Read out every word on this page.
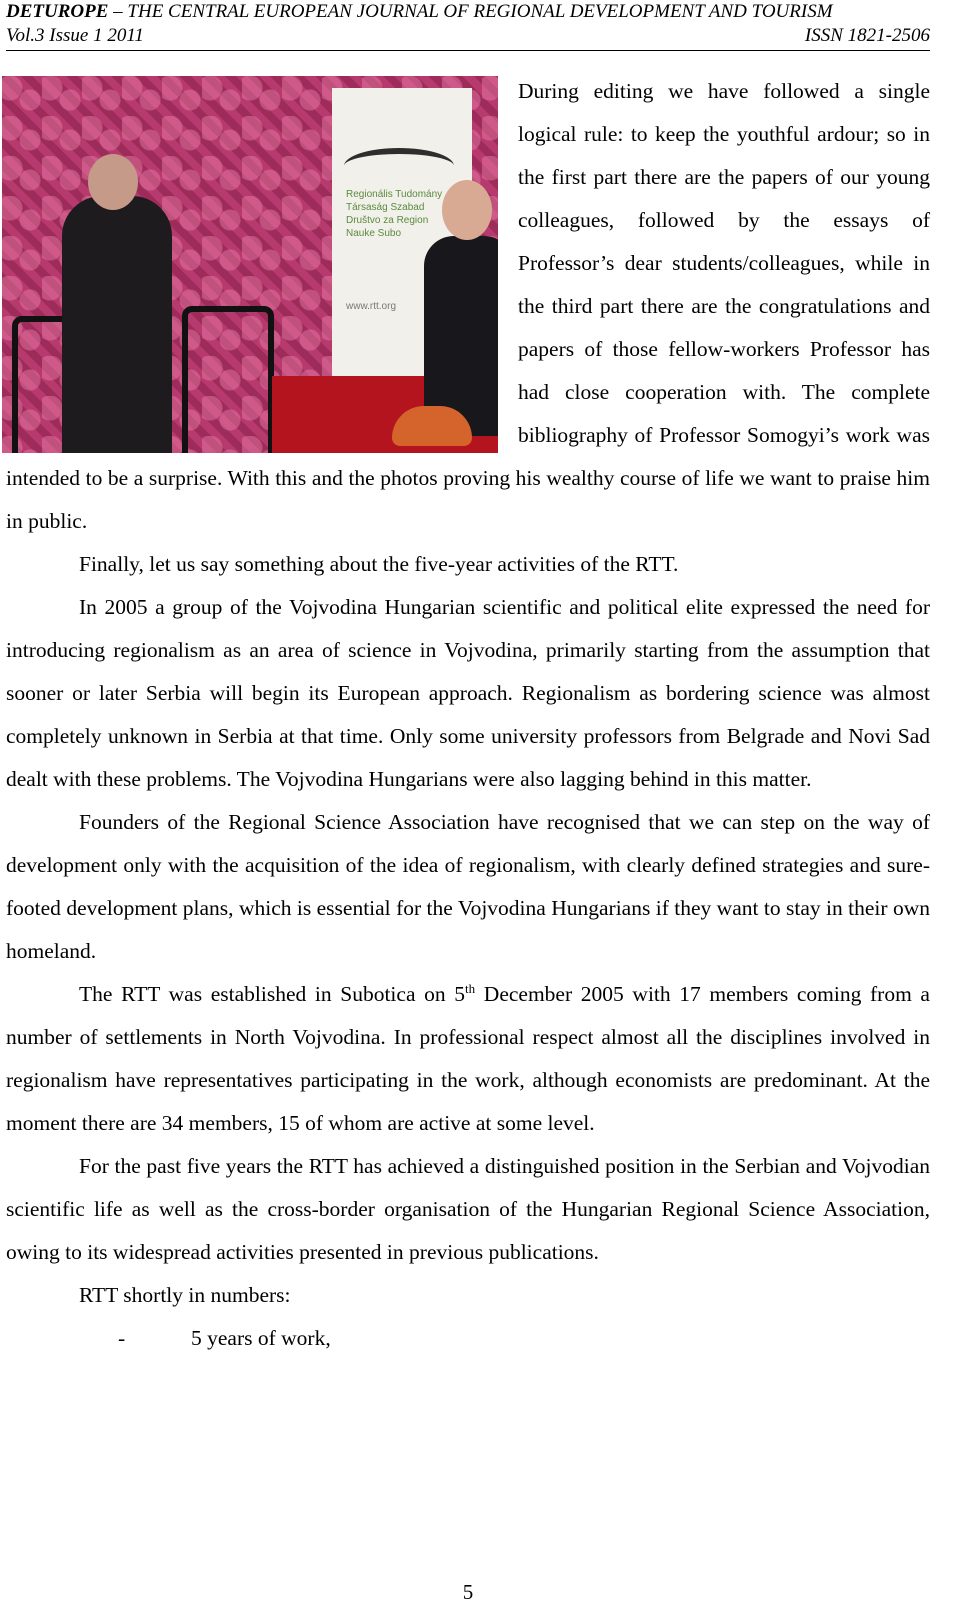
DETUROPE – THE CENTRAL EUROPEAN JOURNAL OF REGIONAL DEVELOPMENT AND TOURISM
Vol.3 Issue 1 2011	ISSN 1821-2506
Regionális Tudomány
Társaság Szabad
Društvo za Region
Nauke Subo
www.rtt.org

During editing we have followed a single logical rule: to keep the youthful ardour; so in the first part there are the papers of our young colleagues, followed by the essays of Professor’s dear students/colleagues, while in the third part there are the congratulations and papers of those fellow-workers Professor has had close cooperation with. The complete bibliography of Professor Somogyi’s work was intended to be a surprise. With this and the photos proving his wealthy course of life we want to praise him in public.

Finally, let us say something about the five-year activities of the RTT.

In 2005 a group of the Vojvodina Hungarian scientific and political elite expressed the need for introducing regionalism as an area of science in Vojvodina, primarily starting from the assumption that sooner or later Serbia will begin its European approach. Regionalism as bordering science was almost completely unknown in Serbia at that time. Only some university professors from Belgrade and Novi Sad dealt with these problems. The Vojvodina Hungarians were also lagging behind in this matter.

Founders of the Regional Science Association have recognised that we can step on the way of development only with the acquisition of the idea of regionalism, with clearly defined strategies and sure-footed development plans, which is essential for the Vojvodina Hungarians if they want to stay in their own homeland.

The RTT was established in Subotica on 5th December 2005 with 17 members coming from a number of settlements in North Vojvodina. In professional respect almost all the disciplines involved in regionalism have representatives participating in the work, although economists are predominant. At the moment there are 34 members, 15 of whom are active at some level.

For the past five years the RTT has achieved a distinguished position in the Serbian and Vojvodian scientific life as well as the cross-border organisation of the Hungarian Regional Science Association, owing to its widespread activities presented in previous publications.

RTT shortly in numbers:

-	5 years of work,
5
